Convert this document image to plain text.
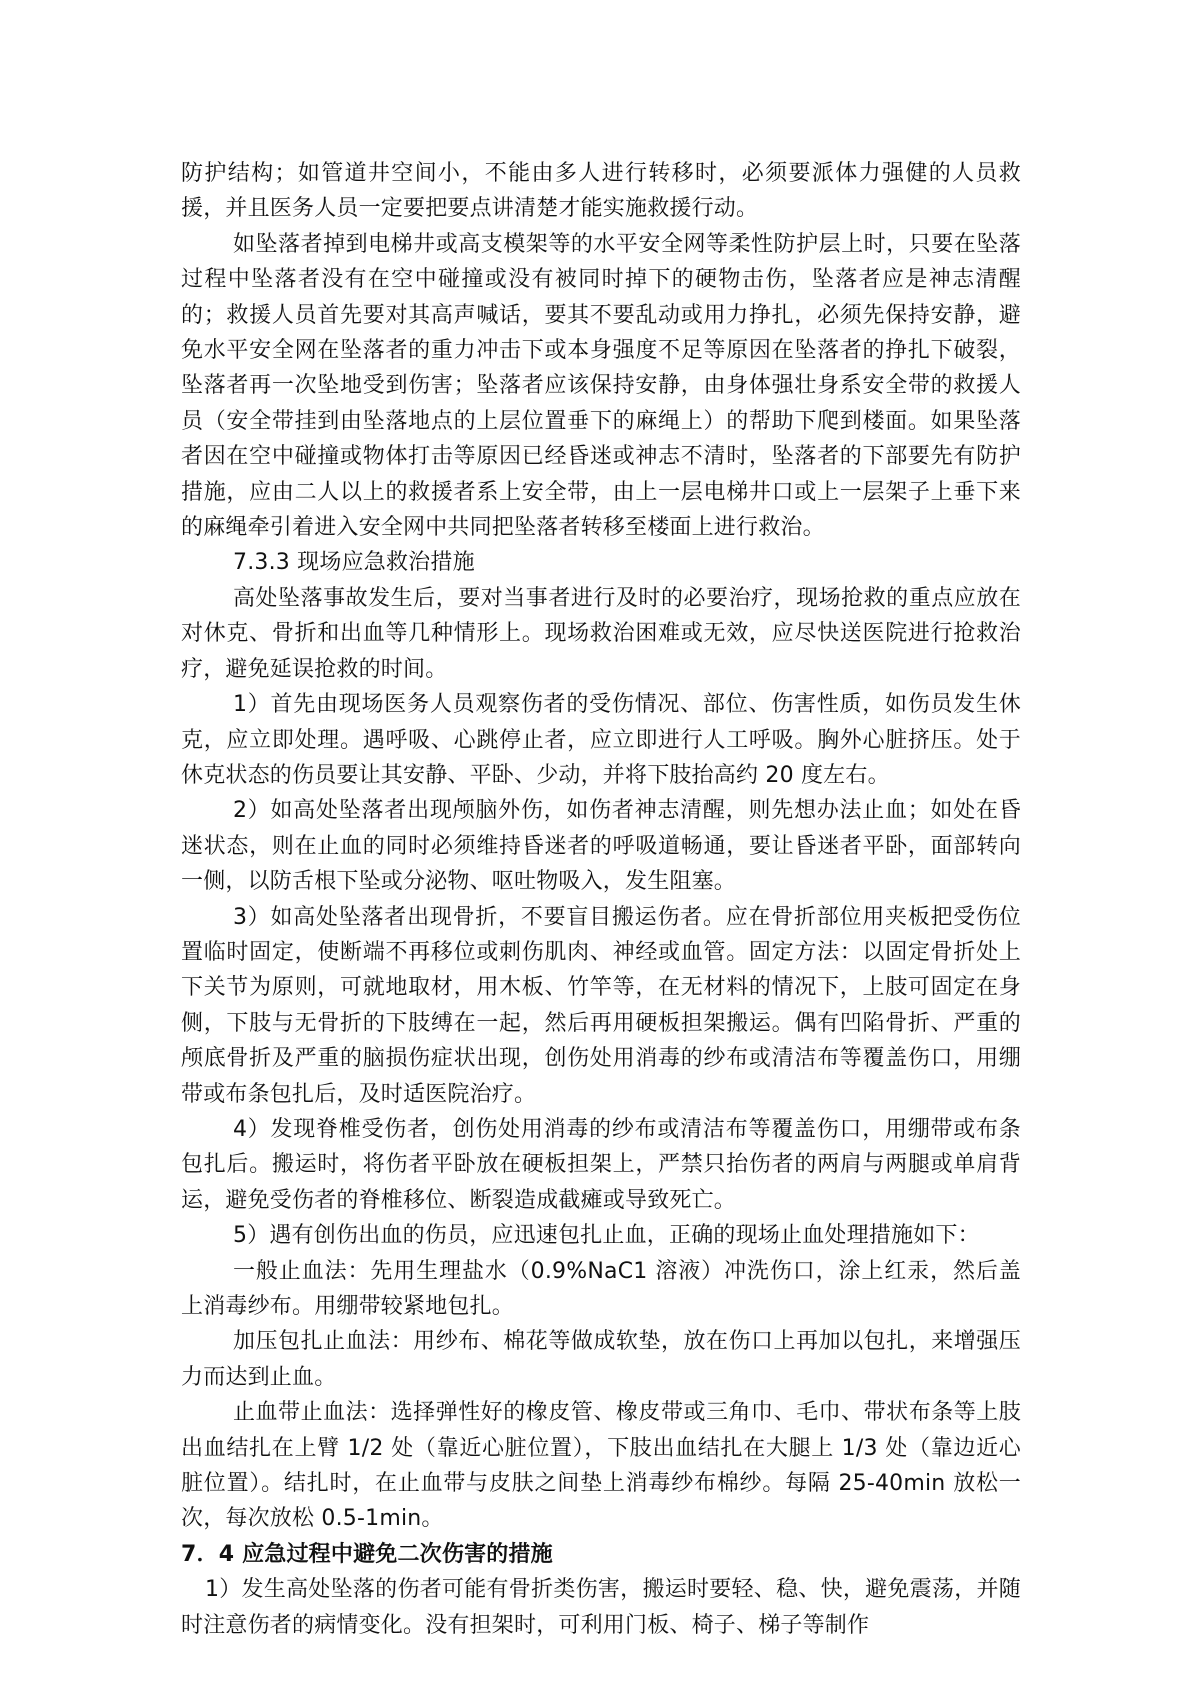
防护结构；如管道井空间小，不能由多人进行转移时，必须要派体力强健的人员救援，并且医务人员一定要把要点讲清楚才能实施救援行动。

如坠落者掉到电梯井或高支模架等的水平安全网等柔性防护层上时，只要在坠落过程中坠落者没有在空中碰撞或没有被同时掉下的硬物击伤，坠落者应是神志清醒的；救援人员首先要对其高声喊话，要其不要乱动或用力挣扎，必须先保持安静，避免水平安全网在坠落者的重力冲击下或本身强度不足等原因在坠落者的挣扎下破裂，坠落者再一次坠地受到伤害；坠落者应该保持安静，由身体强壮身系安全带的救援人员（安全带挂到由坠落地点的上层位置垂下的麻绳上）的帮助下爬到楼面。如果坠落者因在空中碰撞或物体打击等原因已经昏迷或神志不清时，坠落者的下部要先有防护措施，应由二人以上的救援者系上安全带，由上一层电梯井口或上一层架子上垂下来的麻绳牵引着进入安全网中共同把坠落者转移至楼面上进行救治。

7.3.3 现场应急救治措施

高处坠落事故发生后，要对当事者进行及时的必要治疗，现场抢救的重点应放在对休克、骨折和出血等几种情形上。现场救治困难或无效，应尽快送医院进行抢救治疗，避免延误抢救的时间。

1）首先由现场医务人员观察伤者的受伤情况、部位、伤害性质，如伤员发生休克，应立即处理。遇呼吸、心跳停止者，应立即进行人工呼吸。胸外心脏挤压。处于休克状态的伤员要让其安静、平卧、少动，并将下肢抬高约 20 度左右。

2）如高处坠落者出现颅脑外伤，如伤者神志清醒，则先想办法止血；如处在昏迷状态，则在止血的同时必须维持昏迷者的呼吸道畅通，要让昏迷者平卧，面部转向一侧，以防舌根下坠或分泌物、呕吐物吸入，发生阻塞。

3）如高处坠落者出现骨折，不要盲目搬运伤者。应在骨折部位用夹板把受伤位置临时固定，使断端不再移位或刺伤肌肉、神经或血管。固定方法：以固定骨折处上下关节为原则，可就地取材，用木板、竹竿等，在无材料的情况下，上肢可固定在身侧，下肢与无骨折的下肢缚在一起，然后再用硬板担架搬运。偶有凹陷骨折、严重的颅底骨折及严重的脑损伤症状出现，创伤处用消毒的纱布或清洁布等覆盖伤口，用绷带或布条包扎后，及时适医院治疗。

4）发现脊椎受伤者，创伤处用消毒的纱布或清洁布等覆盖伤口，用绷带或布条包扎后。搬运时，将伤者平卧放在硬板担架上，严禁只抬伤者的两肩与两腿或单肩背运，避免受伤者的脊椎移位、断裂造成截瘫或导致死亡。

5）遇有创伤出血的伤员，应迅速包扎止血，正确的现场止血处理措施如下：

一般止血法：先用生理盐水（0.9%NaC1 溶液）冲洗伤口，涂上红汞，然后盖上消毒纱布。用绷带较紧地包扎。

加压包扎止血法：用纱布、棉花等做成软垫，放在伤口上再加以包扎，来增强压力而达到止血。

止血带止血法：选择弹性好的橡皮管、橡皮带或三角巾、毛巾、带状布条等上肢出血结扎在上臂 1/2 处（靠近心脏位置），下肢出血结扎在大腿上 1/3 处（靠边近心脏位置）。结扎时，在止血带与皮肤之间垫上消毒纱布棉纱。每隔 25-40min 放松一次，每次放松 0.5-1min。

7．4 应急过程中避免二次伤害的措施

1）发生高处坠落的伤者可能有骨折类伤害，搬运时要轻、稳、快，避免震荡，并随时注意伤者的病情变化。没有担架时，可利用门板、椅子、梯子等制作
